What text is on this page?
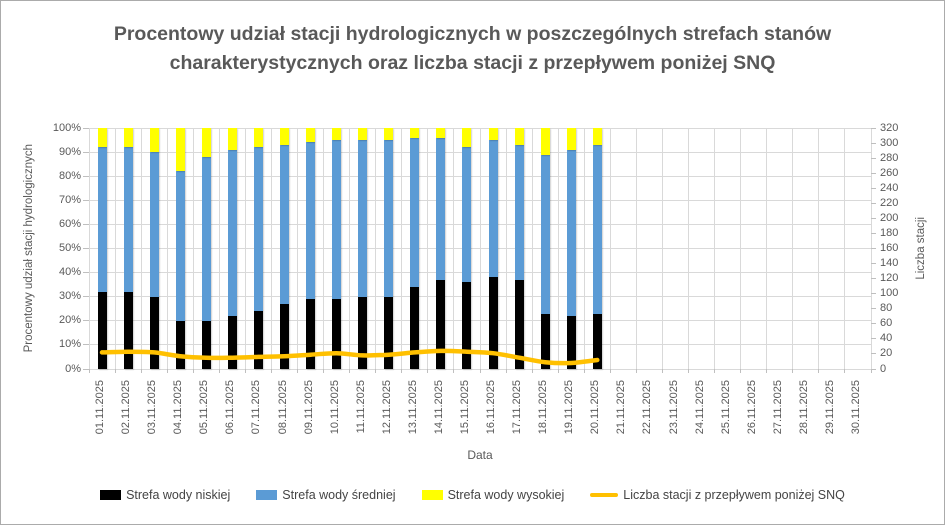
Procentowy udział stacji hydrologicznych w poszczególnych strefach stanów charakterystycznych oraz liczba stacji z przepływem poniżej SNQ
Procentowy udział stacji hydrologicznych	Liczba stacji
Data
Strefa wody niskiej	Strefa wody średniej	Strefa wody wysokiej	Liczba stacji z przepływem poniżej SNQ
0%
10%
20%
30%
40%
50%
60%
70%
80%
90%
100%
0
20
40
60
80
100
120
140
160
180
200
220
240
260
280
300
320
01.11.2025 02.11.2025 03.11.2025 04.11.2025 05.11.2025 06.11.2025 07.11.2025 08.11.2025 09.11.2025 10.11.2025 11.11.2025 12.11.2025 13.11.2025 14.11.2025 15.11.2025 16.11.2025 17.11.2025 18.11.2025 19.11.2025 20.11.2025 21.11.2025 22.11.2025 23.11.2025 24.11.2025 25.11.2025 26.11.2025 27.11.2025 28.11.2025 29.11.2025 30.11.2025
